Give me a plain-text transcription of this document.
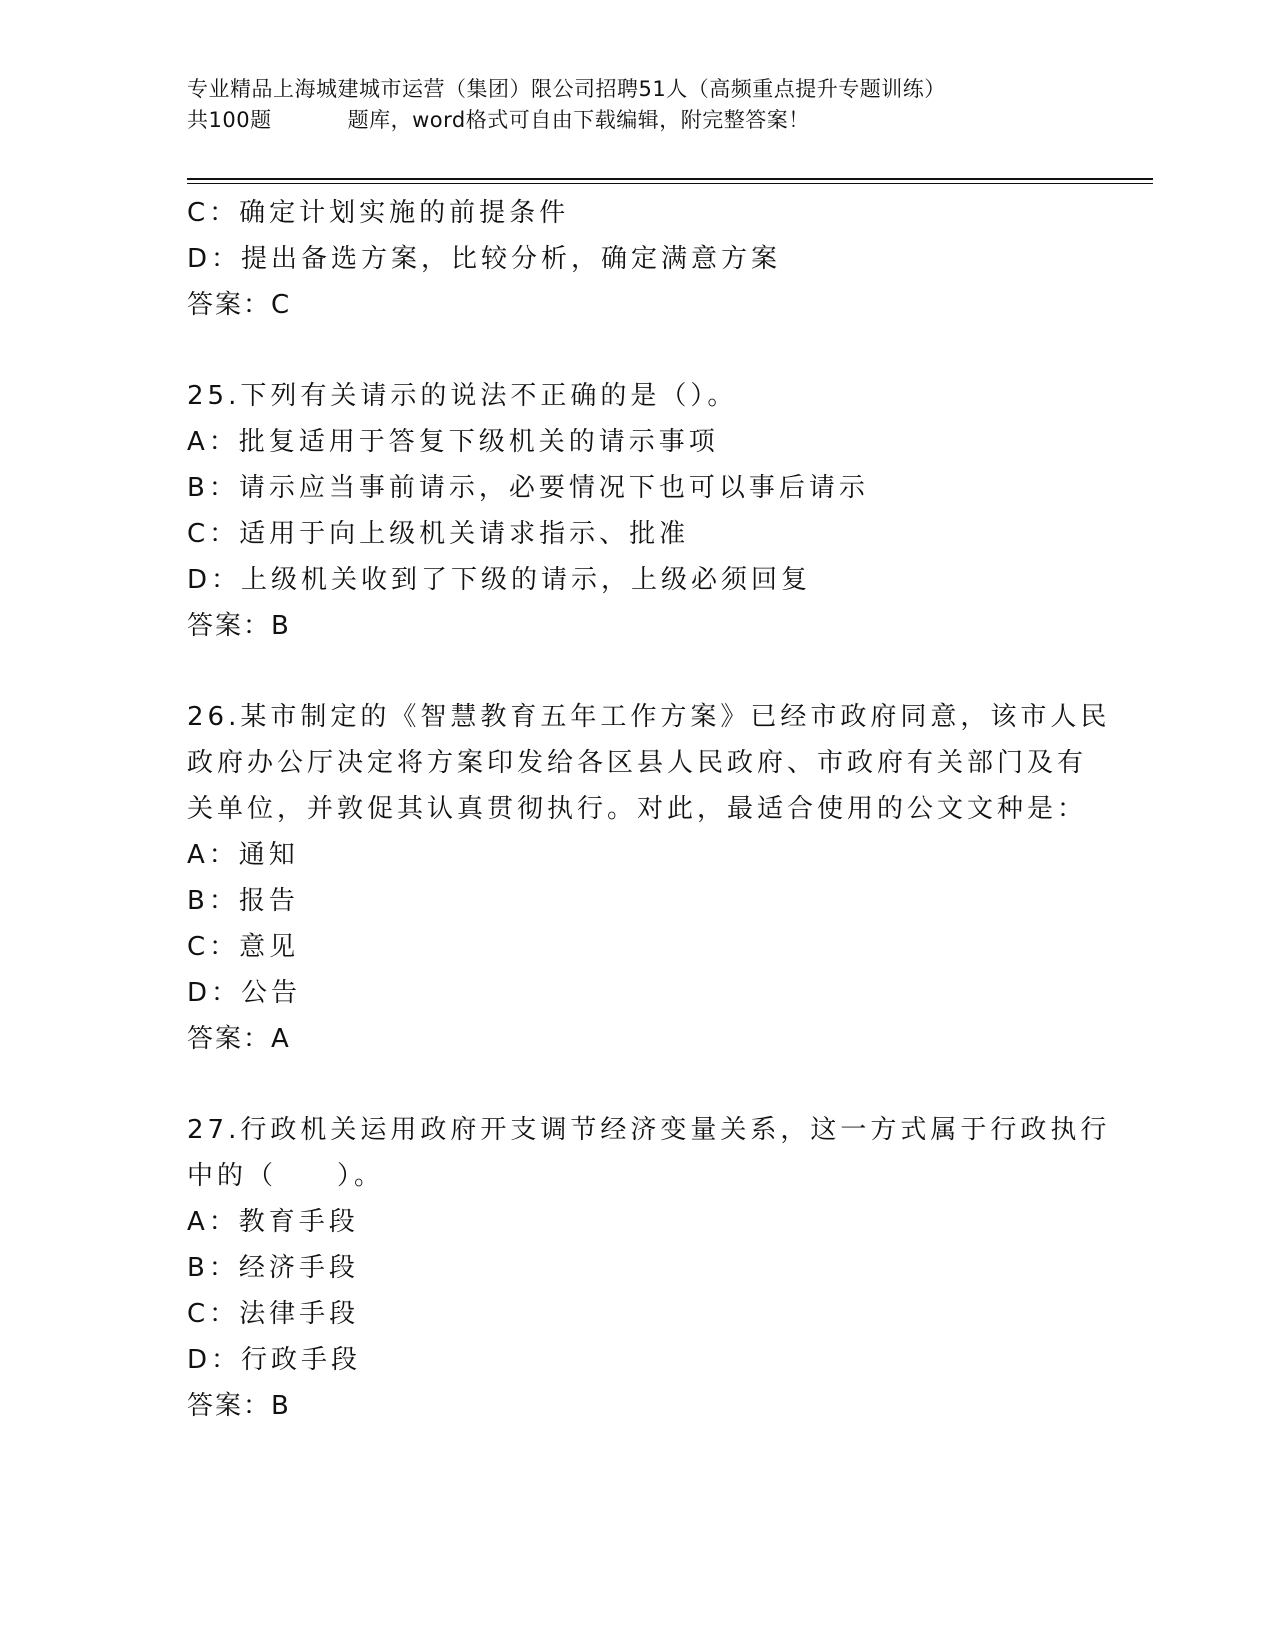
专业精品上海城建城市运营（集团）限公司招聘51人（高频重点提升专题训练）
共100题	题库，word格式可自由下载编辑，附完整答案！
C：确定计划实施的前提条件
D：提出备选方案，比较分析，确定满意方案
答案：C
25.下列有关请示的说法不正确的是（）。
A：批复适用于答复下级机关的请示事项
B：请示应当事前请示，必要情况下也可以事后请示
C：适用于向上级机关请求指示、批准
D：上级机关收到了下级的请示，上级必须回复
答案：B
26.某市制定的《智慧教育五年工作方案》已经市政府同意，该市人民
政府办公厅决定将方案印发给各区县人民政府、市政府有关部门及有
关单位，并敦促其认真贯彻执行。对此，最适合使用的公文文种是：
A：通知
B：报告
C：意见
D：公告
答案：A
27.行政机关运用政府开支调节经济变量关系，这一方式属于行政执行
中的（　　）。
A：教育手段
B：经济手段
C：法律手段
D：行政手段
答案：B
